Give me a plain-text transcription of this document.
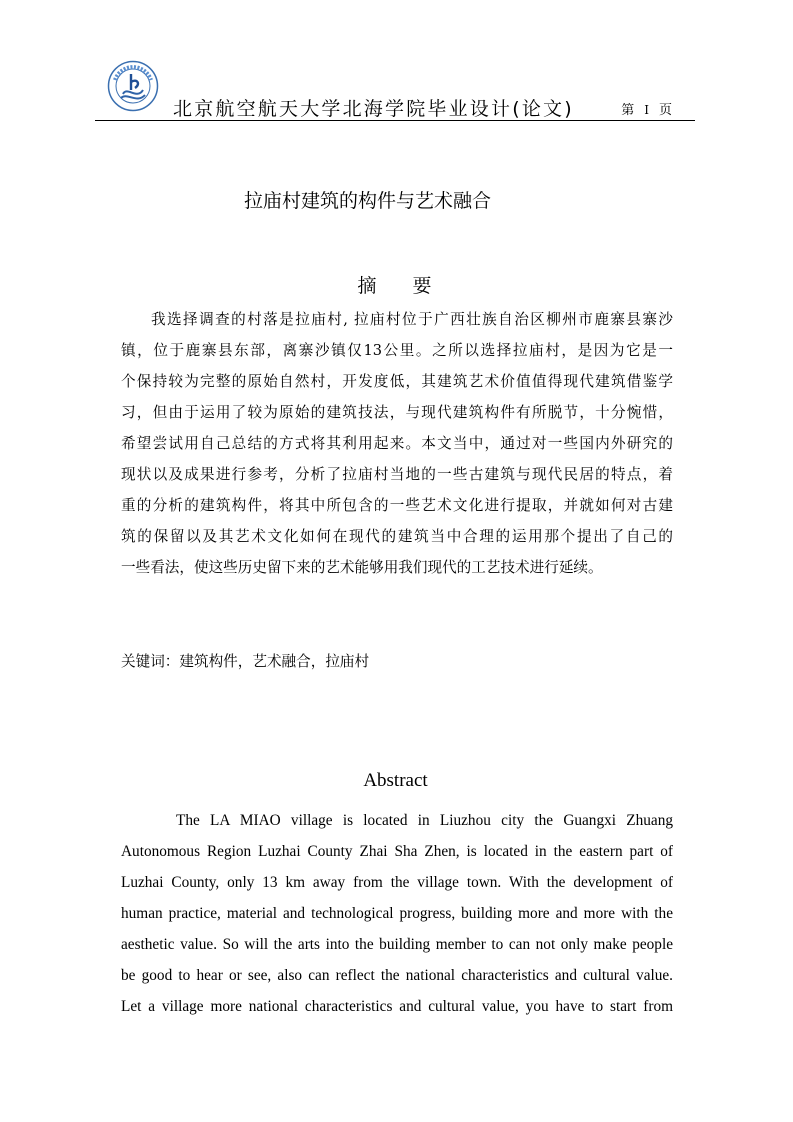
北京航空航天大学北海学院毕业设计(论文)	第 I 页
拉庙村建筑的构件与艺术融合
摘要
我选择调查的村落是拉庙村, 拉庙村位于广西壮族自治区柳州市鹿寨县寨沙
镇，位于鹿寨县东部，离寨沙镇仅13公里。之所以选择拉庙村，是因为它是一
个保持较为完整的原始自然村，开发度低，其建筑艺术价值值得现代建筑借鉴学
习，但由于运用了较为原始的建筑技法，与现代建筑构件有所脱节，十分惋惜，
希望尝试用自己总结的方式将其利用起来。本文当中，通过对一些国内外研究的
现状以及成果进行参考，分析了拉庙村当地的一些古建筑与现代民居的特点，着
重的分析的建筑构件，将其中所包含的一些艺术文化进行提取，并就如何对古建
筑的保留以及其艺术文化如何在现代的建筑当中合理的运用那个提出了自己的
一些看法，使这些历史留下来的艺术能够用我们现代的工艺技术进行延续。
关键词：建筑构件，艺术融合，拉庙村
Abstract
The LA MIAO village is located in Liuzhou city the Guangxi Zhuang
Autonomous Region Luzhai County Zhai Sha Zhen, is located in the eastern part of
Luzhai County, only 13 km away from the village town. With the development of
human practice, material and technological progress, building more and more with the
aesthetic value. So will the arts into the building member to can not only make people
be good to hear or see, also can reflect the national characteristics and cultural value.
Let a village more national characteristics and cultural value, you have to start from
